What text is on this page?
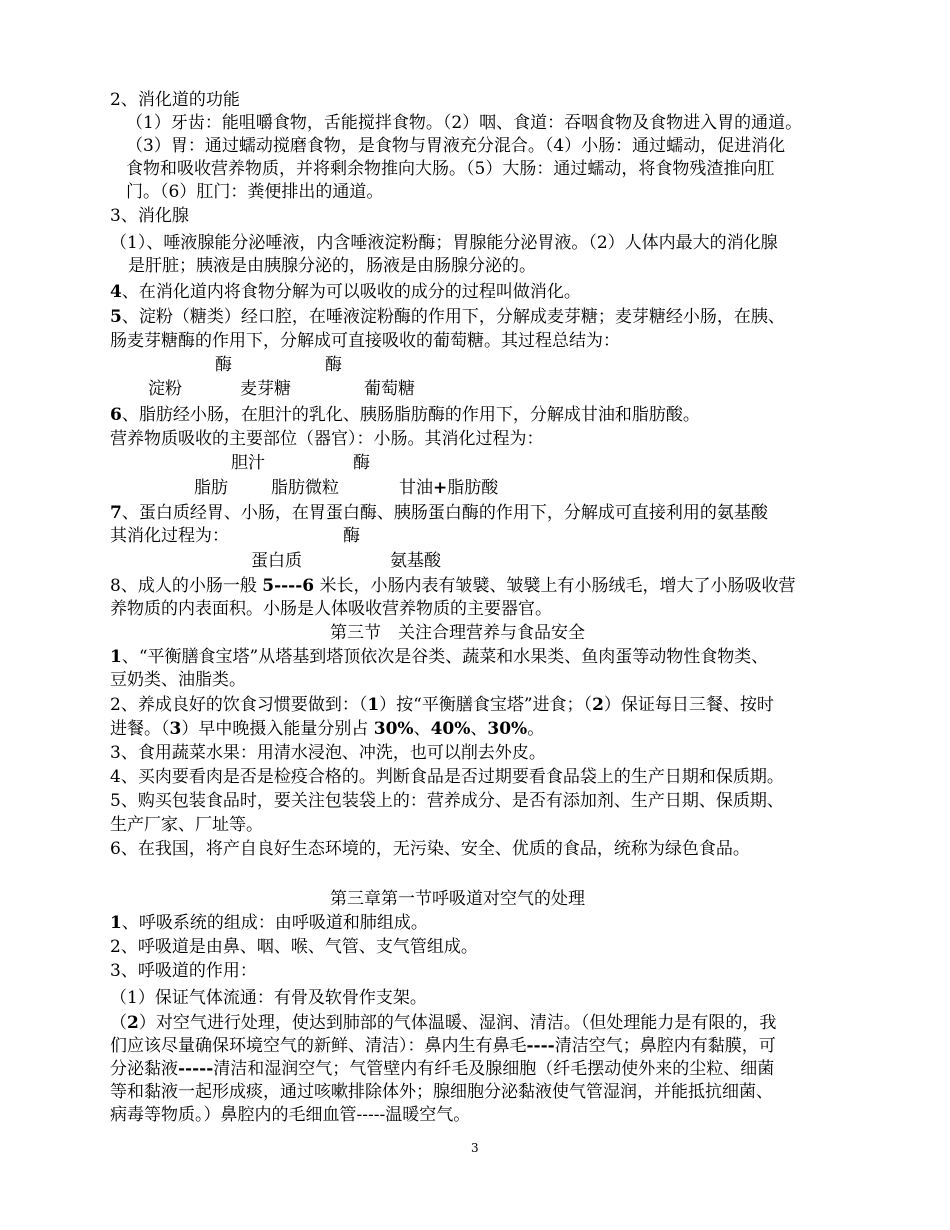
2、消化道的功能
（1）牙齿：能咀嚼食物，舌能搅拌食物。（2）咽、食道：吞咽食物及食物进入胃的通道。
（3）胃：通过蠕动搅磨食物，是食物与胃液充分混合。（4）小肠：通过蠕动，促进消化
食物和吸收营养物质，并将剩余物推向大肠。（5）大肠：通过蠕动，将食物残渣推向肛
门。（6）肛门：粪便排出的通道。
3、消化腺
（1）、唾液腺能分泌唾液，内含唾液淀粉酶；胃腺能分泌胃液。（2）人体内最大的消化腺
是肝脏；胰液是由胰腺分泌的，肠液是由肠腺分泌的。
4、在消化道内将食物分解为可以吸收的成分的过程叫做消化。
5、淀粉（糖类）经口腔，在唾液淀粉酶的作用下，分解成麦芽糖；麦芽糖经小肠，在胰、
肠麦芽糖酶的作用下，分解成可直接吸收的葡萄糖。其过程总结为：
酶	酶
淀粉	麦芽糖	葡萄糖
6、脂肪经小肠，在胆汁的乳化、胰肠脂肪酶的作用下，分解成甘油和脂肪酸。
营养物质吸收的主要部位（器官）：小肠。其消化过程为：
胆汁	酶
脂肪	脂肪微粒	甘油+脂肪酸
7、蛋白质经胃、小肠，在胃蛋白酶、胰肠蛋白酶的作用下，分解成可直接利用的氨基酸
其消化过程为：	酶
蛋白质	氨基酸
8、成人的小肠一般 5----6 米长，小肠内表有皱襞、皱襞上有小肠绒毛，增大了小肠吸收营
养物质的内表面积。小肠是人体吸收营养物质的主要器官。
第三节　关注合理营养与食品安全
1、“平衡膳食宝塔”从塔基到塔顶依次是谷类、蔬菜和水果类、鱼肉蛋等动物性食物类、
豆奶类、油脂类。
2、养成良好的饮食习惯要做到：（1）按“平衡膳食宝塔”进食；（2）保证每日三餐、按时
进餐。（3）早中晚摄入能量分别占 30%、40%、30%。
3、食用蔬菜水果：用清水浸泡、冲洗，也可以削去外皮。
4、买肉要看肉是否是检疫合格的。判断食品是否过期要看食品袋上的生产日期和保质期。
5、购买包装食品时，要关注包装袋上的：营养成分、是否有添加剂、生产日期、保质期、
生产厂家、厂址等。
6、在我国，将产自良好生态环境的，无污染、安全、优质的食品，统称为绿色食品。
第三章第一节呼吸道对空气的处理
1、呼吸系统的组成：由呼吸道和肺组成。
2、呼吸道是由鼻、咽、喉、气管、支气管组成。
3、呼吸道的作用：
（1）保证气体流通：有骨及软骨作支架。
（2）对空气进行处理，使达到肺部的气体温暖、湿润、清洁。（但处理能力是有限的，我
们应该尽量确保环境空气的新鲜、清洁）：鼻内生有鼻毛----清洁空气；鼻腔内有黏膜，可
分泌黏液-----清洁和湿润空气；气管壁内有纤毛及腺细胞（纤毛摆动使外来的尘粒、细菌
等和黏液一起形成痰，通过咳嗽排除体外；腺细胞分泌黏液使气管湿润，并能抵抗细菌、
病毒等物质。）鼻腔内的毛细血管-----温暖空气。
3
